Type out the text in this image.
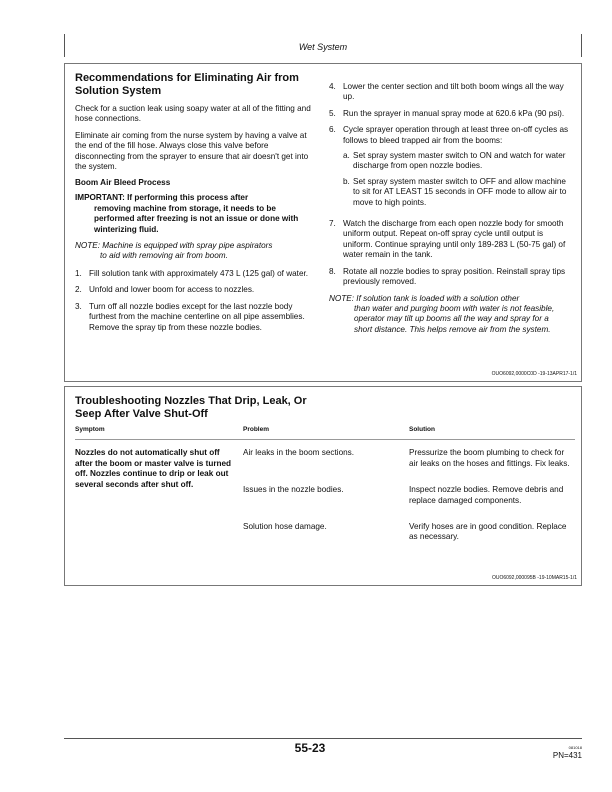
Wet System
Recommendations for Eliminating Air from Solution System

Check for a suction leak using soapy water at all of the fitting and hose connections.

Eliminate air coming from the nurse system by having a valve at the end of the fill hose. Always close this valve before disconnecting from the sprayer to ensure that air doesn't get into the system.

Boom Air Bleed Process

IMPORTANT: If performing this process after
removing machine from storage, it needs to be performed after freezing is not an issue or done with winterizing fluid.
NOTE: Machine is equipped with spray pipe aspirators
to aid with removing air from boom.
1. Fill solution tank with approximately 473 L (125 gal) of water.
2. Unfold and lower boom for access to nozzles.
3. Turn off all nozzle bodies except for the last nozzle body furthest from the machine centerline on all pipe assemblies. Remove the spray tip from these nozzle bodies.
4. Lower the center section and tilt both boom wings all the way up.
5. Run the sprayer in manual spray mode at 620.6 kPa (90 psi).
6. Cycle sprayer operation through at least three on-off cycles as follows to bleed trapped air from the booms:
a. Set spray system master switch to ON and watch for water discharge from open nozzle bodies.
b. Set spray system master switch to OFF and allow machine to sit for AT LEAST 15 seconds in OFF mode to allow air to move to high points.
7. Watch the discharge from each open nozzle body for smooth uniform output. Repeat on-off spray cycle until output is uniform. Continue spraying until only 189-283 L (50-75 gal) of water remain in the tank.
8. Rotate all nozzle bodies to spray position. Reinstall spray tips previously removed.
NOTE: If solution tank is loaded with a solution other
than water and purging boom with water is not feasible, operator may tilt up booms all the way and spray for a short distance. This helps remove air from the system.
OUO6092,0000C0D -19-13APR17-1/1
Troubleshooting Nozzles That Drip, Leak, Or Seep After Valve Shut-Off
Symptom	Problem	Solution
Nozzles do not automatically shut off after the boom or master valve is turned off. Nozzles continue to drip or leak out several seconds after shut off.	Air leaks in the boom sections.	Pressurize the boom plumbing to check for air leaks on the hoses and fittings. Fix leaks.
	Issues in the nozzle bodies.	Inspect nozzle bodies. Remove debris and replace damaged components.
	Solution hose damage.	Verify hoses are in good condition. Replace as necessary.
OUO6092,000095B -19-10MAR15-1/1
55-23	081018
PN=431
